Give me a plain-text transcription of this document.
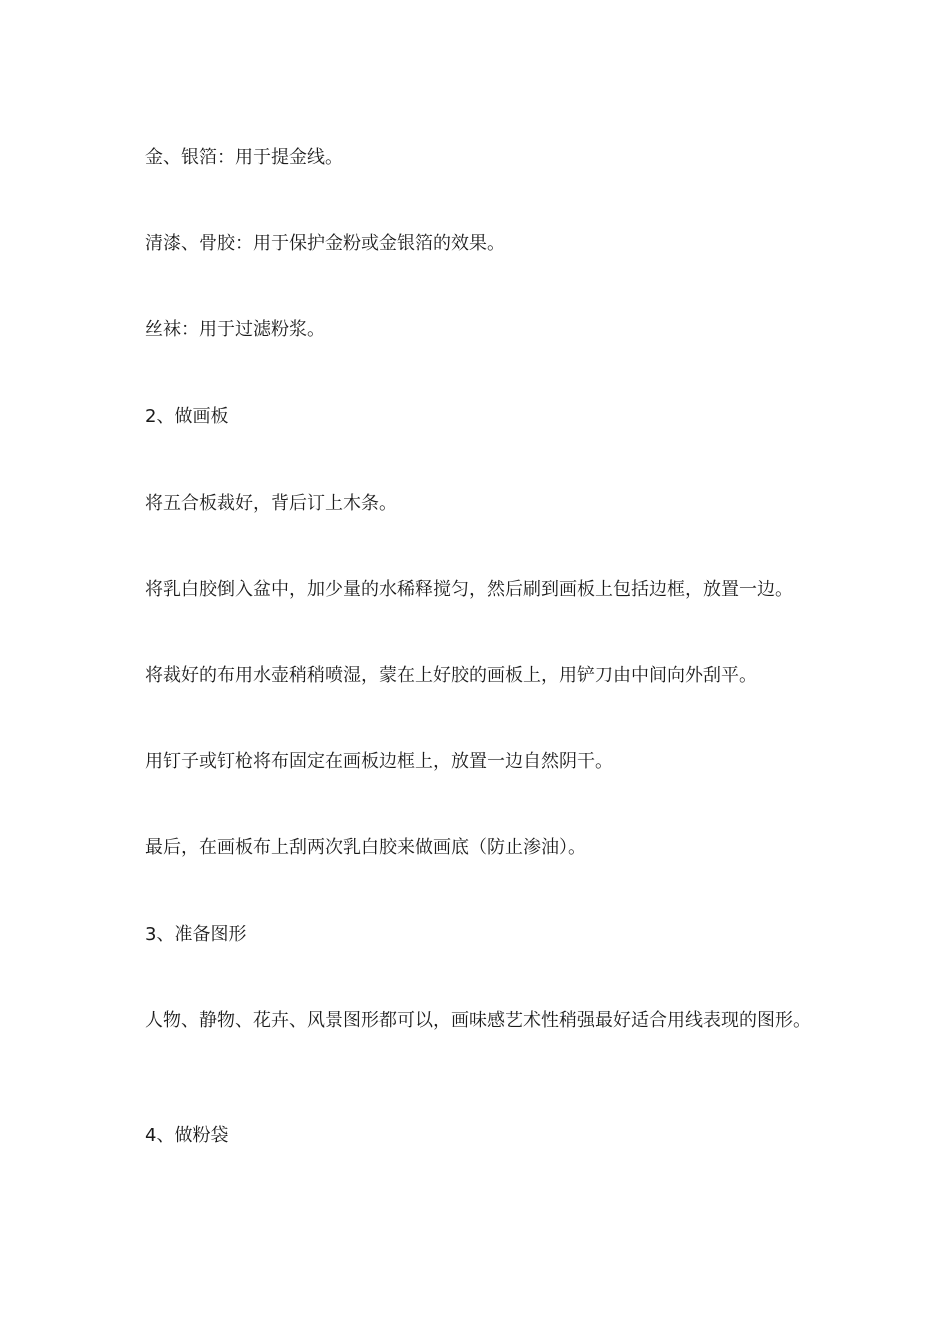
金、银箔：用于提金线。

清漆、骨胶：用于保护金粉或金银箔的效果。

丝袜：用于过滤粉浆。

2、做画板

将五合板裁好，背后订上木条。

将乳白胶倒入盆中，加少量的水稀释搅匀，然后刷到画板上包括边框，放置一边。

将裁好的布用水壶稍稍喷湿，蒙在上好胶的画板上，用铲刀由中间向外刮平。

用钉子或钉枪将布固定在画板边框上，放置一边自然阴干。

最后，在画板布上刮两次乳白胶来做画底（防止渗油）。

3、准备图形

人物、静物、花卉、风景图形都可以，画味感艺术性稍强最好适合用线表现的图形。

4、做粉袋
